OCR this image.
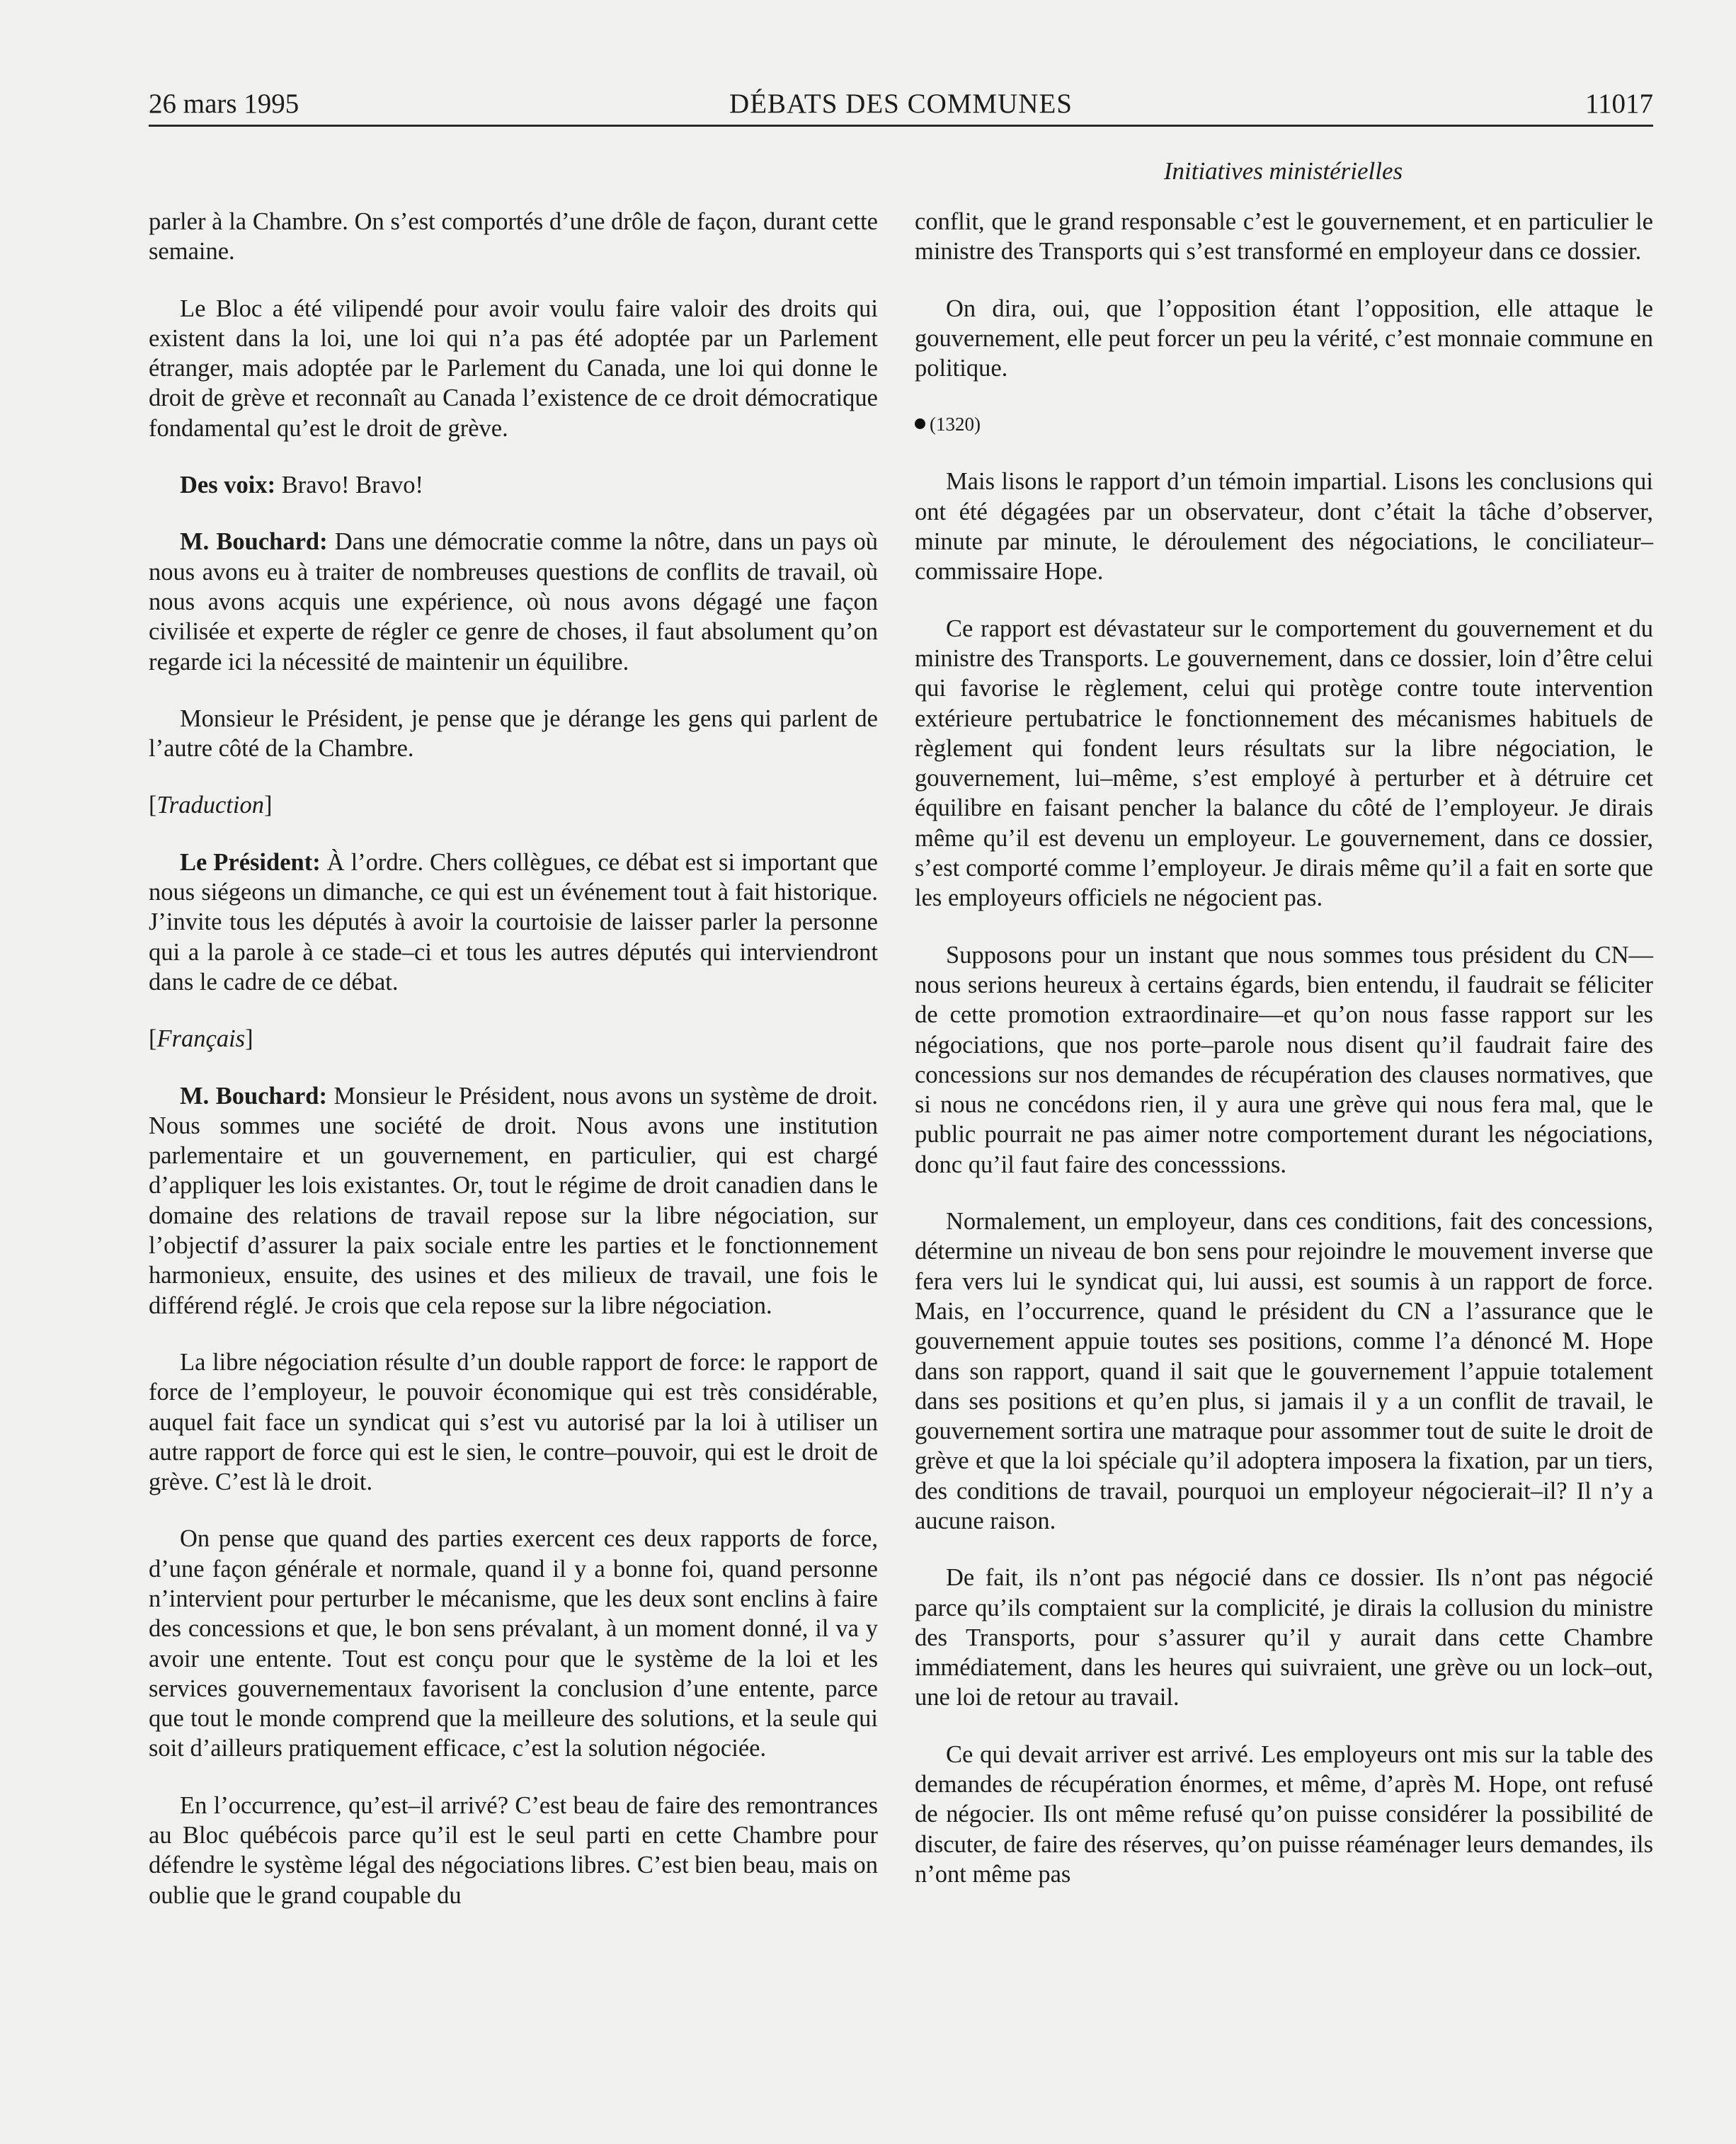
26 mars 1995	DÉBATS DES COMMUNES	11017
Initiatives ministérielles

parler à la Chambre. On s’est comportés d’une drôle de façon, durant cette semaine.

Le Bloc a été vilipendé pour avoir voulu faire valoir des droits qui existent dans la loi, une loi qui n’a pas été adoptée par un Parlement étranger, mais adoptée par le Parlement du Canada, une loi qui donne le droit de grève et reconnaît au Canada l’existence de ce droit démocratique fondamental qu’est le droit de grève.

Des voix: Bravo! Bravo!

M. Bouchard: Dans une démocratie comme la nôtre, dans un pays où nous avons eu à traiter de nombreuses questions de conflits de travail, où nous avons acquis une expérience, où nous avons dégagé une façon civilisée et experte de régler ce genre de choses, il faut absolument qu’on regarde ici la nécessité de maintenir un équilibre.

Monsieur le Président, je pense que je dérange les gens qui parlent de l’autre côté de la Chambre.

[Traduction]

Le Président: À l’ordre. Chers collègues, ce débat est si important que nous siégeons un dimanche, ce qui est un événement tout à fait historique. J’invite tous les députés à avoir la courtoisie de laisser parler la personne qui a la parole à ce stade–ci et tous les autres députés qui interviendront dans le cadre de ce débat.

[Français]

M. Bouchard: Monsieur le Président, nous avons un système de droit. Nous sommes une société de droit. Nous avons une institution parlementaire et un gouvernement, en particulier, qui est chargé d’appliquer les lois existantes. Or, tout le régime de droit canadien dans le domaine des relations de travail repose sur la libre négociation, sur l’objectif d’assurer la paix sociale entre les parties et le fonctionnement harmonieux, ensuite, des usines et des milieux de travail, une fois le différend réglé. Je crois que cela repose sur la libre négociation.

La libre négociation résulte d’un double rapport de force: le rapport de force de l’employeur, le pouvoir économique qui est très considérable, auquel fait face un syndicat qui s’est vu autorisé par la loi à utiliser un autre rapport de force qui est le sien, le contre–pouvoir, qui est le droit de grève. C’est là le droit.

On pense que quand des parties exercent ces deux rapports de force, d’une façon générale et normale, quand il y a bonne foi, quand personne n’intervient pour perturber le mécanisme, que les deux sont enclins à faire des concessions et que, le bon sens prévalant, à un moment donné, il va y avoir une entente. Tout est conçu pour que le système de la loi et les services gouvernementaux favorisent la conclusion d’une entente, parce que tout le monde comprend que la meilleure des solutions, et la seule qui soit d’ailleurs pratiquement efficace, c’est la solution négociée.

En l’occurrence, qu’est–il arrivé? C’est beau de faire des remontrances au Bloc québécois parce qu’il est le seul parti en cette Chambre pour défendre le système légal des négociations libres. C’est bien beau, mais on oublie que le grand coupable du

conflit, que le grand responsable c’est le gouvernement, et en particulier le ministre des Transports qui s’est transformé en employeur dans ce dossier.

On dira, oui, que l’opposition étant l’opposition, elle attaque le gouvernement, elle peut forcer un peu la vérité, c’est monnaie commune en politique.

(1320)

Mais lisons le rapport d’un témoin impartial. Lisons les conclusions qui ont été dégagées par un observateur, dont c’était la tâche d’observer, minute par minute, le déroulement des négociations, le conciliateur–commissaire Hope.

Ce rapport est dévastateur sur le comportement du gouvernement et du ministre des Transports. Le gouvernement, dans ce dossier, loin d’être celui qui favorise le règlement, celui qui protège contre toute intervention extérieure pertubatrice le fonctionnement des mécanismes habituels de règlement qui fondent leurs résultats sur la libre négociation, le gouvernement, lui–même, s’est employé à perturber et à détruire cet équilibre en faisant pencher la balance du côté de l’employeur. Je dirais même qu’il est devenu un employeur. Le gouvernement, dans ce dossier, s’est comporté comme l’employeur. Je dirais même qu’il a fait en sorte que les employeurs officiels ne négocient pas.

Supposons pour un instant que nous sommes tous président du CN—nous serions heureux à certains égards, bien entendu, il faudrait se féliciter de cette promotion extraordinaire—et qu’on nous fasse rapport sur les négociations, que nos porte–parole nous disent qu’il faudrait faire des concessions sur nos demandes de récupération des clauses normatives, que si nous ne concédons rien, il y aura une grève qui nous fera mal, que le public pourrait ne pas aimer notre comportement durant les négociations, donc qu’il faut faire des concesssions.

Normalement, un employeur, dans ces conditions, fait des concessions, détermine un niveau de bon sens pour rejoindre le mouvement inverse que fera vers lui le syndicat qui, lui aussi, est soumis à un rapport de force. Mais, en l’occurrence, quand le président du CN a l’assurance que le gouvernement appuie toutes ses positions, comme l’a dénoncé M. Hope dans son rapport, quand il sait que le gouvernement l’appuie totalement dans ses positions et qu’en plus, si jamais il y a un conflit de travail, le gouvernement sortira une matraque pour assommer tout de suite le droit de grève et que la loi spéciale qu’il adoptera imposera la fixation, par un tiers, des conditions de travail, pourquoi un employeur négocierait–il? Il n’y a aucune raison.

De fait, ils n’ont pas négocié dans ce dossier. Ils n’ont pas négocié parce qu’ils comptaient sur la complicité, je dirais la collusion du ministre des Transports, pour s’assurer qu’il y aurait dans cette Chambre immédiatement, dans les heures qui suivraient, une grève ou un lock–out, une loi de retour au travail.

Ce qui devait arriver est arrivé. Les employeurs ont mis sur la table des demandes de récupération énormes, et même, d’après M. Hope, ont refusé de négocier. Ils ont même refusé qu’on puisse considérer la possibilité de discuter, de faire des réserves, qu’on puisse réaménager leurs demandes, ils n’ont même pas
